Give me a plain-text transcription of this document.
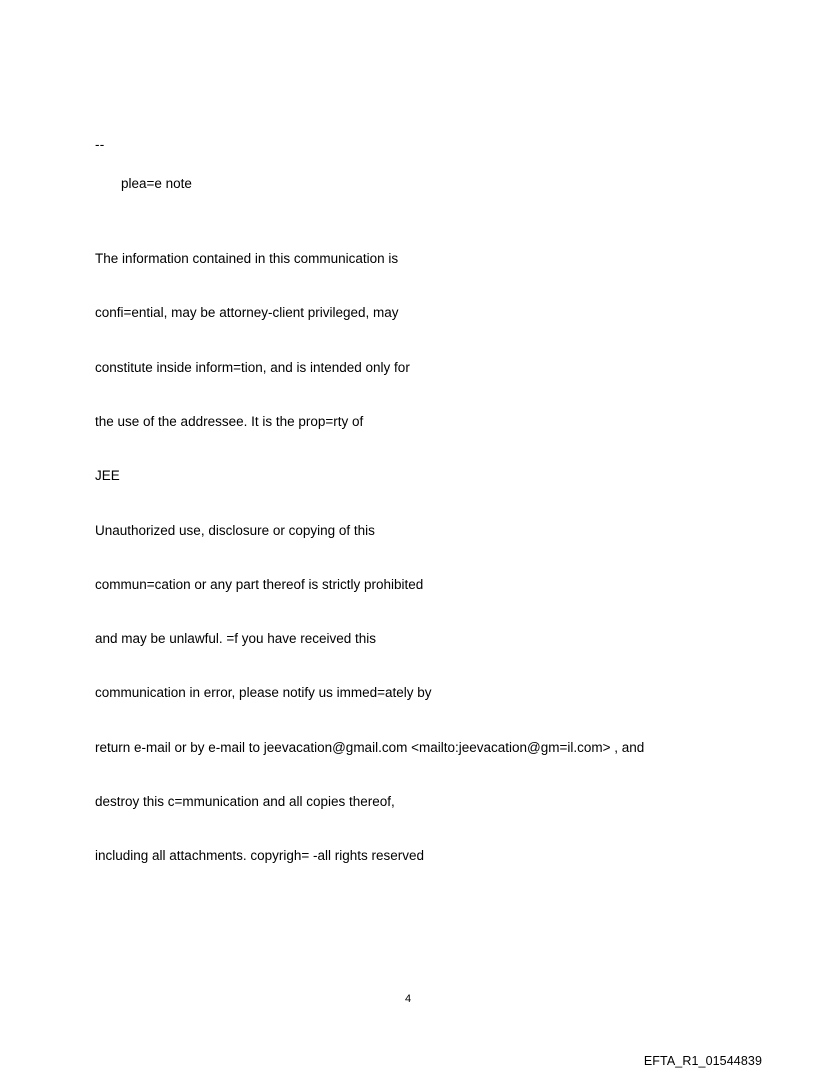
--
plea=e note

The information contained in this communication is

confi=ential, may be attorney-client privileged, may

constitute inside inform=tion, and is intended only for

the use of the addressee. It is the prop=rty of

JEE

Unauthorized use, disclosure or copying of this

commun=cation or any part thereof is strictly prohibited

and may be unlawful. =f you have received this

communication in error, please notify us immed=ately by

return e-mail or by e-mail to jeevacation@gmail.com <mailto:jeevacation@gm=il.com> , and

destroy this c=mmunication and all copies thereof,

including all attachments. copyrigh= -all rights reserved

4
EFTA_R1_01544839
